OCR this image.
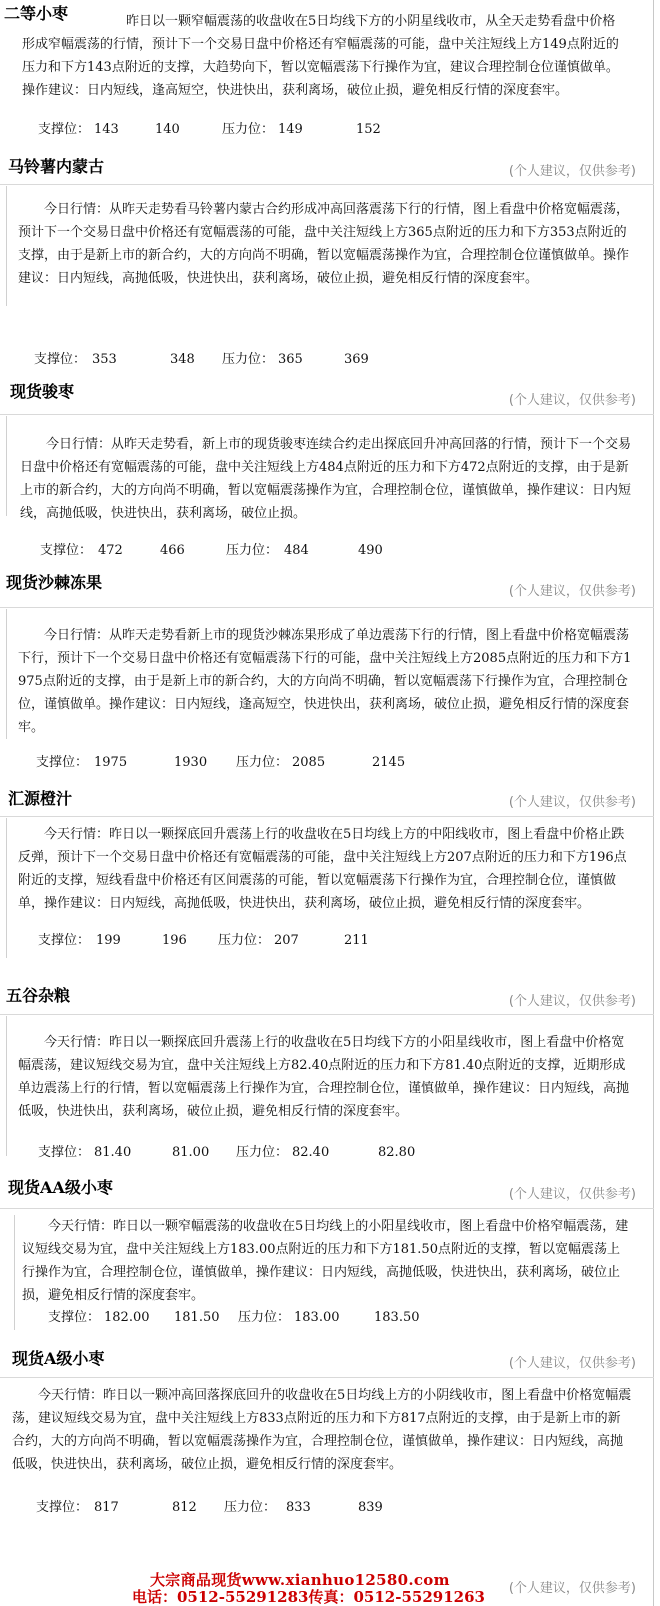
二等小枣	昨日以一颗窄幅震荡的收盘收在5日均线下方的小阴星线收市，从全天走势看盘中价格形成窄幅震荡的行情，预计下一个交易日盘中价格还有窄幅震荡的可能，盘中关注短线上方149点附近的压力和下方143点附近的支撑，大趋势向下，暂以宽幅震荡下行操作为宜，建议合理控制仓位谨慎做单。操作建议：日内短线，逢高短空，快进快出，获利离场，破位止损，避免相反行情的深度套牢。

支撑位： 143	140	压力位： 149	152
马铃薯内蒙古	(个人建议，仅供参考)

今日行情：从昨天走势看马铃薯内蒙古合约形成冲高回落震荡下行的行情，图上看盘中价格宽幅震荡，预计下一个交易日盘中价格还有宽幅震荡的可能，盘中关注短线上方365点附近的压力和下方353点附近的支撑，由于是新上市的新合约，大的方向尚不明确，暂以宽幅震荡操作为宜，合理控制仓位谨慎做单。操作建议：日内短线，高抛低吸，快进快出，获利离场，破位止损，避免相反行情的深度套牢。

支撑位： 353	348 压力位： 365	369
现货骏枣	(个人建议，仅供参考)

今日行情：从昨天走势看，新上市的现货骏枣连续合约走出探底回升冲高回落的行情，预计下一个交易日盘中价格还有宽幅震荡的可能，盘中关注短线上方484点附近的压力和下方472点附近的支撑，由于是新上市的新合约，大的方向尚不明确，暂以宽幅震荡操作为宜，合理控制仓位，谨慎做单，操作建议：日内短线，高抛低吸，快进快出，获利离场，破位止损。

支撑位： 472	466	压力位： 484	490
现货沙棘冻果	(个人建议，仅供参考)

今日行情：从昨天走势看新上市的现货沙棘冻果形成了单边震荡下行的行情，图上看盘中价格宽幅震荡下行，预计下一个交易日盘中价格还有宽幅震荡下行的可能，盘中关注短线上方2085点附近的压力和下方1975点附近的支撑，由于是新上市的新合约，大的方向尚不明确，暂以宽幅震荡下行操作为宜，合理控制仓位，谨慎做单。操作建议：日内短线，逢高短空，快进快出，获利离场，破位止损，避免相反行情的深度套牢。

支撑位： 1975	1930 压力位： 2085	2145
汇源橙汁	(个人建议，仅供参考)

今天行情：昨日以一颗探底回升震荡上行的收盘收在5日均线上方的中阳线收市，图上看盘中价格止跌反弹，预计下一个交易日盘中价格还有宽幅震荡的可能，盘中关注短线上方207点附近的压力和下方196点附近的支撑，短线看盘中价格还有区间震荡的可能，暂以宽幅震荡下行操作为宜，合理控制仓位，谨慎做单，操作建议：日内短线，高抛低吸，快进快出，获利离场，破位止损，避免相反行情的深度套牢。

支撑位： 199	196 压力位： 207	211
五谷杂粮	(个人建议，仅供参考)

今天行情：昨日以一颗探底回升震荡上行的收盘收在5日均线下方的小阳星线收市，图上看盘中价格宽幅震荡，建议短线交易为宜，盘中关注短线上方82.40点附近的压力和下方81.40点附近的支撑，近期形成单边震荡上行的行情，暂以宽幅震荡上行操作为宜，合理控制仓位，谨慎做单，操作建议：日内短线，高抛低吸，快进快出，获利离场，破位止损，避免相反行情的深度套牢。

支撑位： 81.40	81.00 压力位： 82.40	82.80
现货AA级小枣	(个人建议，仅供参考)

今天行情：昨日以一颗窄幅震荡的收盘收在5日均线上的小阳星线收市，图上看盘中价格窄幅震荡，建议短线交易为宜，盘中关注短线上方183.00点附近的压力和下方181.50点附近的支撑，暂以宽幅震荡上行操作为宜，合理控制仓位，谨慎做单，操作建议：日内短线，高抛低吸，快进快出，获利离场，破位止损，避免相反行情的深度套牢。

支撑位： 182.00 181.50 压力位： 183.00	183.50
现货A级小枣	(个人建议，仅供参考)

今天行情：昨日以一颗冲高回落探底回升的收盘收在5日均线上方的小阴线收市，图上看盘中价格宽幅震荡，建议短线交易为宜，盘中关注短线上方833点附近的压力和下方817点附近的支撑，由于是新上市的新合约，大的方向尚不明确，暂以宽幅震荡操作为宜，合理控制仓位，谨慎做单，操作建议：日内短线，高抛低吸，快进快出，获利离场，破位止损，避免相反行情的深度套牢。

支撑位： 817	812 压力位： 833	839
大宗商品现货www.xianhuo12580.com
电话：0512-55291283传真：0512-55291263 (个人建议，仅供参考)
